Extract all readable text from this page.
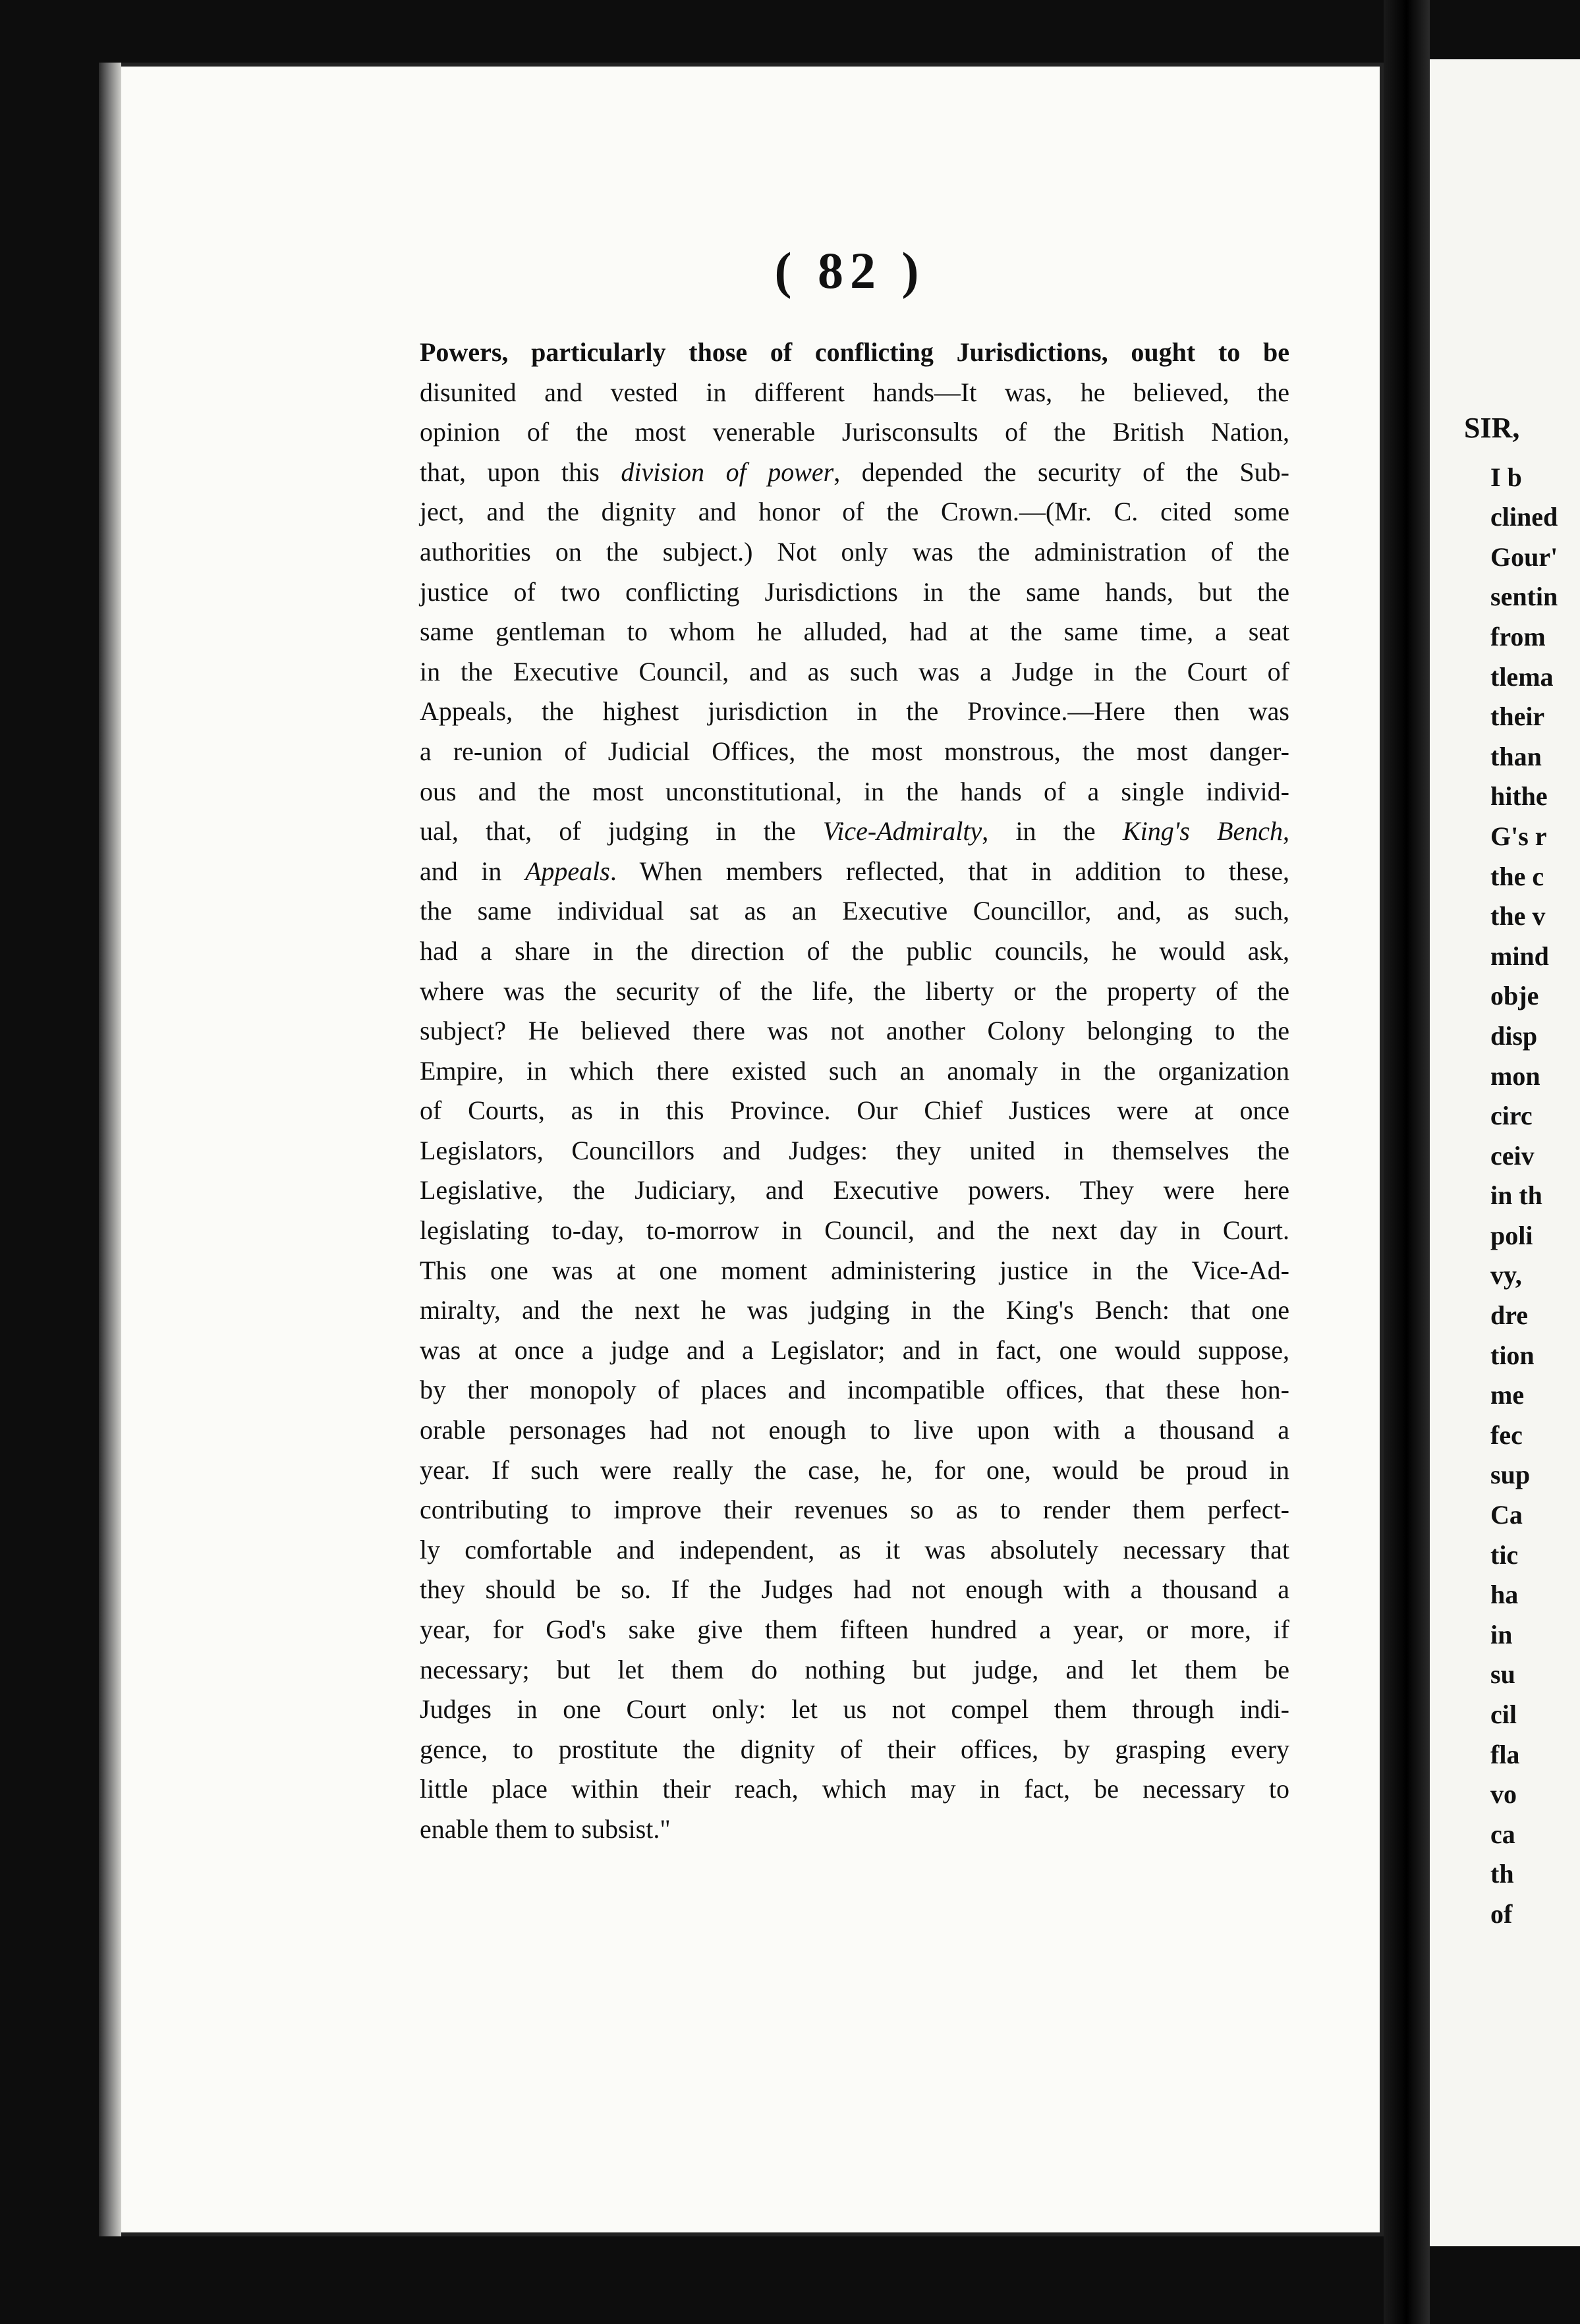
SIR,
I b
clined
Gour'
sentin
from
tlema
their
than
hithe
G's r
the c
the v
mind
obje
disp
mon
circ
ceiv
in th
poli
vy,
dre
tion
me
fec
sup
Ca
tic
ha
in
su
cil
fla
vo
ca
th
of
( 82 )
Powers, particularly those of conflicting Jurisdictions, ought to be
disunited and vested in different hands—It was, he believed, the
opinion of the most venerable Jurisconsults of the British Nation,
that, upon this division of power, depended the security of the Sub-
ject, and the dignity and honor of the Crown.—(Mr. C. cited some
authorities on the subject.) Not only was the administration of the
justice of two conflicting Jurisdictions in the same hands, but the
same gentleman to whom he alluded, had at the same time, a seat
in the Executive Council, and as such was a Judge in the Court of
Appeals, the highest jurisdiction in the Province.—Here then was
a re-union of Judicial Offices, the most monstrous, the most danger-
ous and the most unconstitutional, in the hands of a single individ-
ual, that, of judging in the Vice-Admiralty, in the King's Bench,
and in Appeals. When members reflected, that in addition to these,
the same individual sat as an Executive Councillor, and, as such,
had a share in the direction of the public councils, he would ask,
where was the security of the life, the liberty or the property of the
subject? He believed there was not another Colony belonging to the
Empire, in which there existed such an anomaly in the organization
of Courts, as in this Province. Our Chief Justices were at once
Legislators, Councillors and Judges: they united in themselves the
Legislative, the Judiciary, and Executive powers. They were here
legislating to-day, to-morrow in Council, and the next day in Court.
This one was at one moment administering justice in the Vice-Ad-
miralty, and the next he was judging in the King's Bench: that one
was at once a judge and a Legislator; and in fact, one would suppose,
by ther monopoly of places and incompatible offices, that these hon-
orable personages had not enough to live upon with a thousand a
year. If such were really the case, he, for one, would be proud in
contributing to improve their revenues so as to render them perfect-
ly comfortable and independent, as it was absolutely necessary that
they should be so. If the Judges had not enough with a thousand a
year, for God's sake give them fifteen hundred a year, or more, if
necessary; but let them do nothing but judge, and let them be
Judges in one Court only: let us not compel them through indi-
gence, to prostitute the dignity of their offices, by grasping every
little place within their reach, which may in fact, be necessary to
enable them to subsist."
